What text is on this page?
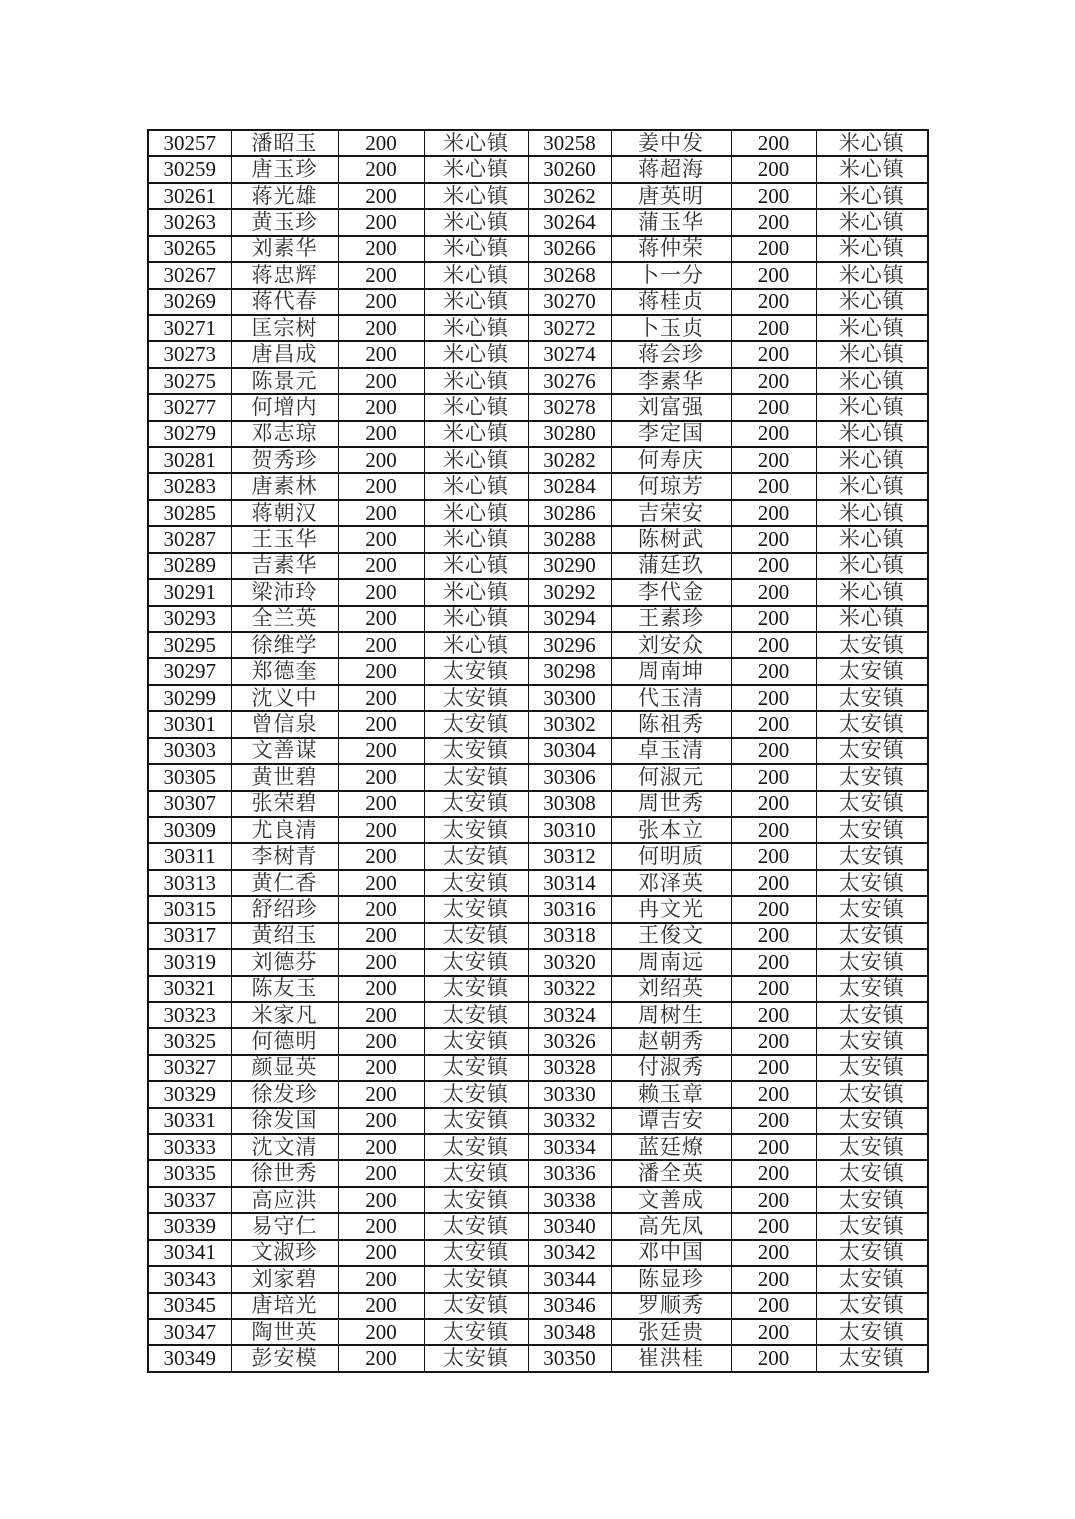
30257	潘昭玉	200	米心镇	30258	姜中发	200	米心镇
30259	唐玉珍	200	米心镇	30260	蒋超海	200	米心镇
30261	蒋光雄	200	米心镇	30262	唐英明	200	米心镇
30263	黄玉珍	200	米心镇	30264	蒲玉华	200	米心镇
30265	刘素华	200	米心镇	30266	蒋仲荣	200	米心镇
30267	蒋忠辉	200	米心镇	30268	卜一分	200	米心镇
30269	蒋代春	200	米心镇	30270	蒋桂贞	200	米心镇
30271	匡宗树	200	米心镇	30272	卜玉贞	200	米心镇
30273	唐昌成	200	米心镇	30274	蒋会珍	200	米心镇
30275	陈景元	200	米心镇	30276	李素华	200	米心镇
30277	何增内	200	米心镇	30278	刘富强	200	米心镇
30279	邓志琼	200	米心镇	30280	李定国	200	米心镇
30281	贺秀珍	200	米心镇	30282	何寿庆	200	米心镇
30283	唐素林	200	米心镇	30284	何琼芳	200	米心镇
30285	蒋朝汉	200	米心镇	30286	吉荣安	200	米心镇
30287	王玉华	200	米心镇	30288	陈树武	200	米心镇
30289	吉素华	200	米心镇	30290	蒲廷玖	200	米心镇
30291	梁沛玲	200	米心镇	30292	李代金	200	米心镇
30293	全兰英	200	米心镇	30294	王素珍	200	米心镇
30295	徐维学	200	米心镇	30296	刘安众	200	太安镇
30297	郑德奎	200	太安镇	30298	周南坤	200	太安镇
30299	沈义中	200	太安镇	30300	代玉清	200	太安镇
30301	曾信泉	200	太安镇	30302	陈祖秀	200	太安镇
30303	文善谋	200	太安镇	30304	卓玉清	200	太安镇
30305	黄世碧	200	太安镇	30306	何淑元	200	太安镇
30307	张荣碧	200	太安镇	30308	周世秀	200	太安镇
30309	尤良清	200	太安镇	30310	张本立	200	太安镇
30311	李树青	200	太安镇	30312	何明质	200	太安镇
30313	黄仁香	200	太安镇	30314	邓泽英	200	太安镇
30315	舒绍珍	200	太安镇	30316	冉文光	200	太安镇
30317	黄绍玉	200	太安镇	30318	王俊文	200	太安镇
30319	刘德芬	200	太安镇	30320	周南远	200	太安镇
30321	陈友玉	200	太安镇	30322	刘绍英	200	太安镇
30323	米家凡	200	太安镇	30324	周树生	200	太安镇
30325	何德明	200	太安镇	30326	赵朝秀	200	太安镇
30327	颜显英	200	太安镇	30328	付淑秀	200	太安镇
30329	徐发珍	200	太安镇	30330	赖玉章	200	太安镇
30331	徐发国	200	太安镇	30332	谭吉安	200	太安镇
30333	沈文清	200	太安镇	30334	蓝廷燎	200	太安镇
30335	徐世秀	200	太安镇	30336	潘全英	200	太安镇
30337	高应洪	200	太安镇	30338	文善成	200	太安镇
30339	易守仁	200	太安镇	30340	高先凤	200	太安镇
30341	文淑珍	200	太安镇	30342	邓中国	200	太安镇
30343	刘家碧	200	太安镇	30344	陈显珍	200	太安镇
30345	唐培光	200	太安镇	30346	罗顺秀	200	太安镇
30347	陶世英	200	太安镇	30348	张廷贵	200	太安镇
30349	彭安模	200	太安镇	30350	崔洪桂	200	太安镇
